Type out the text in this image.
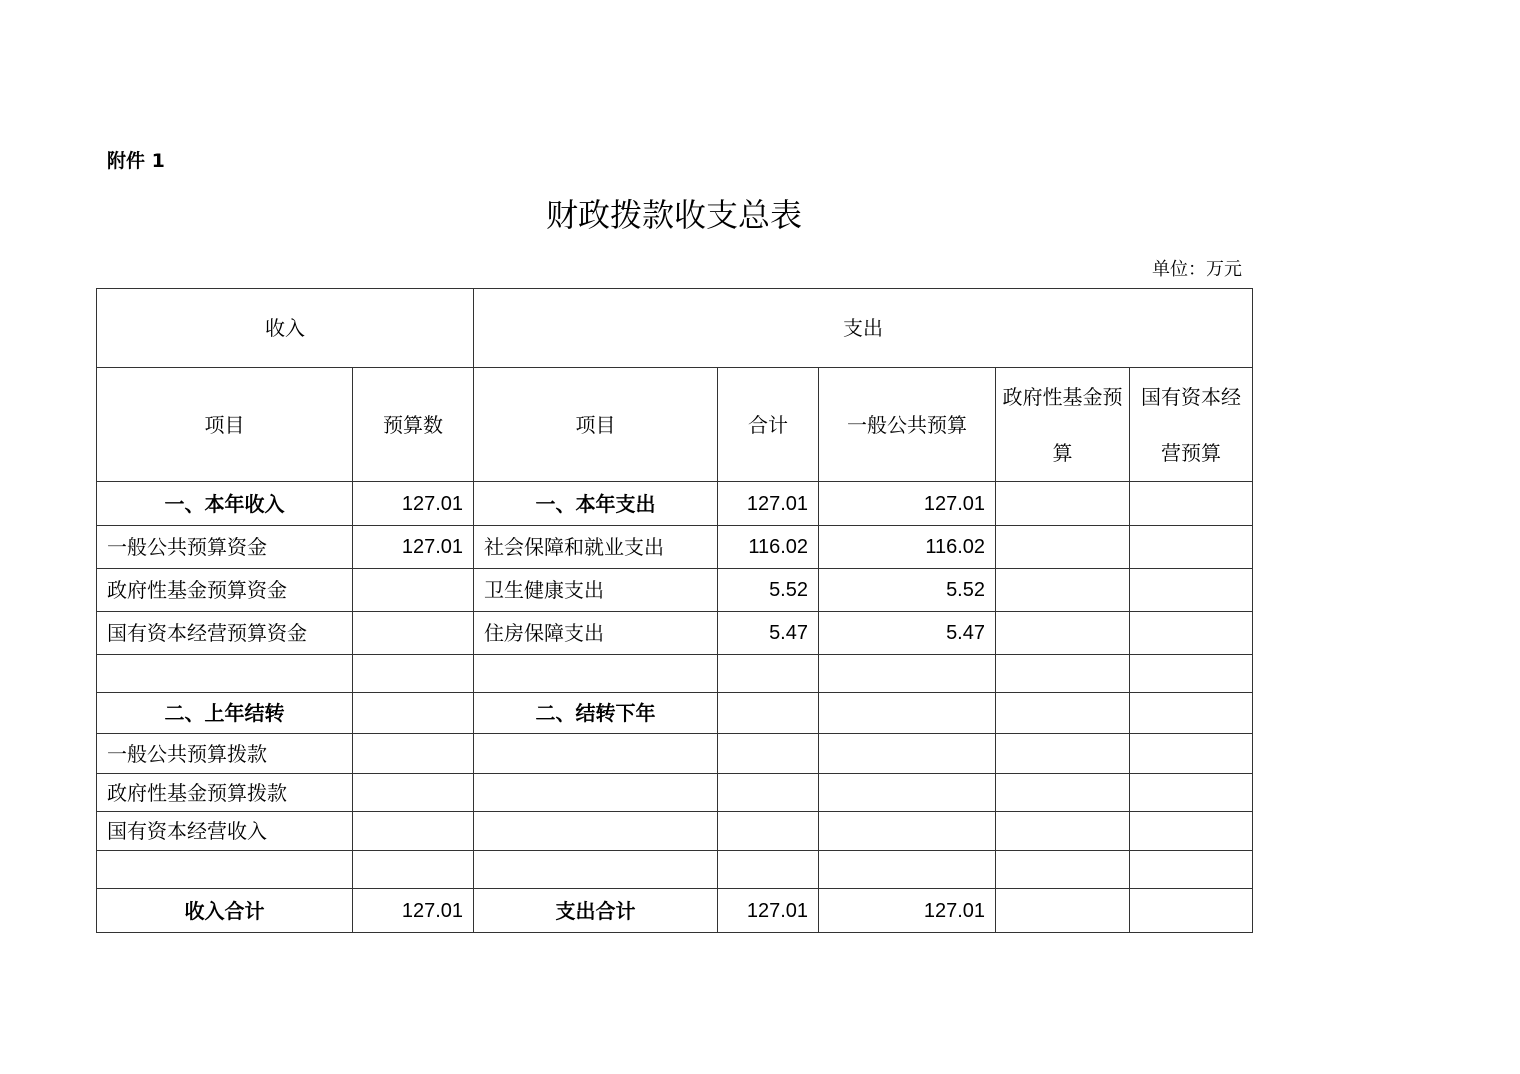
附件 1
财政拨款收支总表
单位：万元
收入		支出				
项目	预算数	项目	合计	一般公共预算	政府性基金预算	国有资本经营预算
一、本年收入	127.01	一、本年支出	127.01	127.01		
一般公共预算资金	127.01	社会保障和就业支出	116.02	116.02		
政府性基金预算资金		卫生健康支出	5.52	5.52		
国有资本经营预算资金		住房保障支出	5.47	5.47		

二、上年结转		二、结转下年				
一般公共预算拨款						
政府性基金预算拨款						
国有资本经营收入						

收入合计	127.01	支出合计	127.01	127.01		
